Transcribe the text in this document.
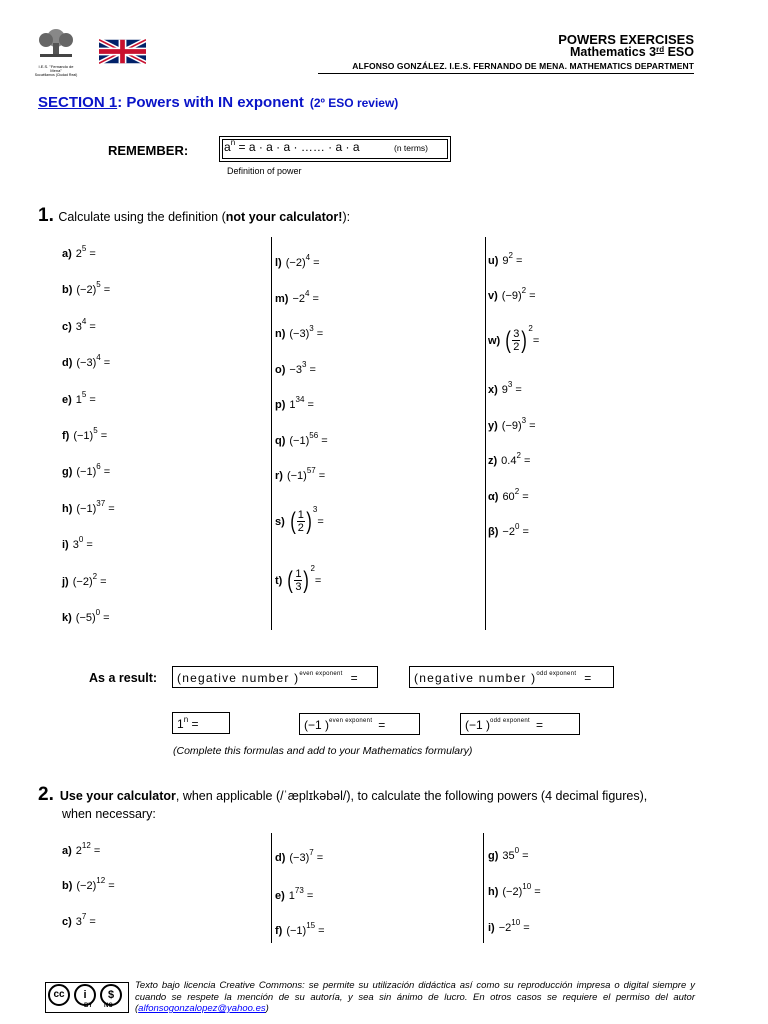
I.E.S. "Fernando de Mena"
Socuéllamos (Ciudad Real)
POWERS EXERCISES
Mathematics 3rd ESO
ALFONSO GONZÁLEZ. I.E.S. FERNANDO DE MENA. MATHEMATICS DEPARTMENT
SECTION 1: Powers with IN exponent (2º ESO review)
REMEMBER:	$a^n = a \cdot a \cdot a$ · …… · a · a	(n terms)
Definition of power
1. Calculate using the definition (not your calculator!):
a) $2^5$ =
b) $(-2)^5$ =
c) $3^4$ =
d) $(-3)^4$ =
e) $1^5$ =
f) $(-1)^5$ =
g) $(-1)^6$ =
h) $(-1)^{37}$ =
i) $3^0$ =
j) $(-2)^2$ =
k) $(-5)^0$ =
l) $(-2)^4$ =
$m) -2^4$ =
n) $(-3)^3$ =
$o) -3^3$ =
p) $1^{34}$ =
q) $(-1)^{56}$ =
r) $(-1)^{57}$ =
s) ( $\frac{1}{2} )^3$
=
t) ( $\frac{1}{3} )^2$
=
u) $9^2$ =
v) $(-9)^2$ =
w) ( $\frac{3}{2} )^2$
=
x) $9^3$ =
y) $(-9)^3$ =
z) $0.4^2$ =
α) $60^2$ =
$\beta) -2^0$ =
As a result:	(negative number )$^{even exponent}$ =	(negative number )$^{odd exponent}$ =
$1^n$ =	(−1 )$^{even exponent}$ =	(−1 )$^{odd exponent}$ =
(Complete this formulas and add to your Mathematics formulary)
2. Use your calculator , when applicable (/ˈæplɪkəbəl/), to calculate the following powers (4 decimal figures),
when necessary:
a) $2^{12}$ =
b) $(-2)^{12}$ =
c) $3^7$ =
d) $(-3)^7$ =
e) $1^{73}$ =
f) $(-1)^{15}$ =
g) $35^0$ =
h) $(-2)^{10}$ =
$i) -2^{10}$ =
cc	i	$
BY NC
Texto bajo licencia Creative Commons: se permite su utilización didáctica así como su reproducción impresa o digital siempre y cuando se respete la mención de su autoría, y sea sin ánimo de lucro. En otros casos se requiere el permiso del autor (alfonsogonzalopez@yahoo.es)
